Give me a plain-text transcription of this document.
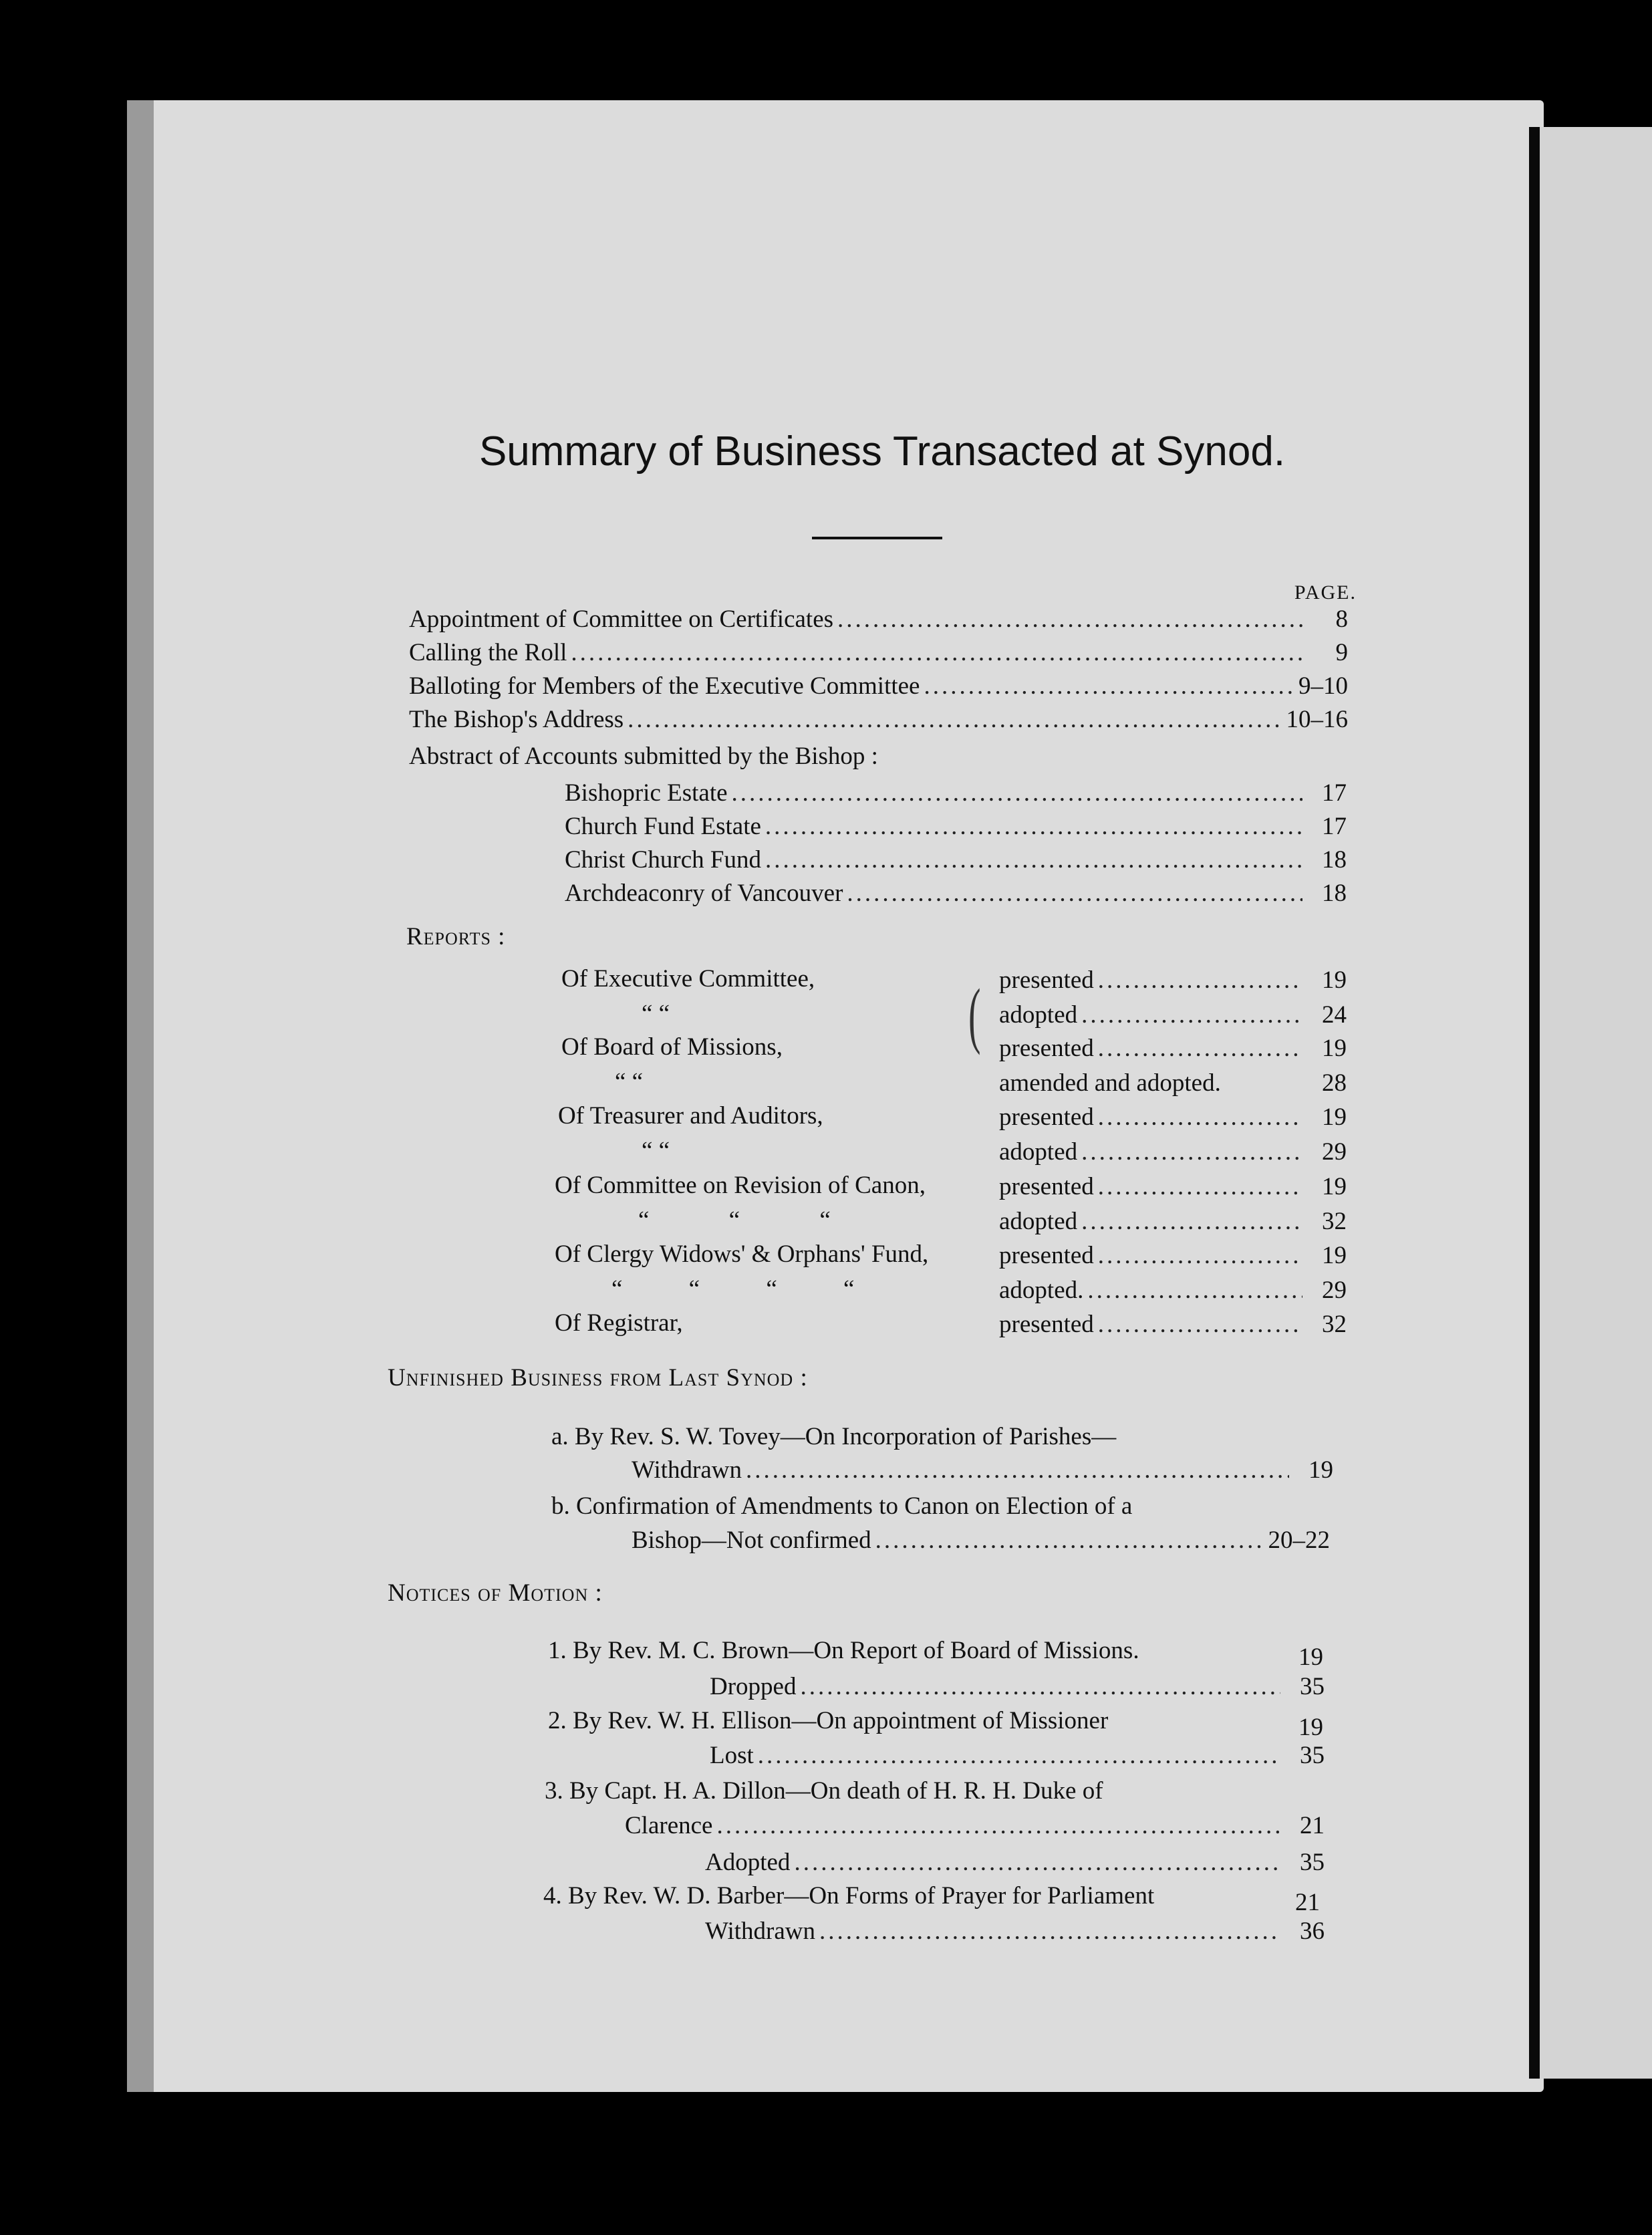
Summary of Business Transacted at Synod.
PAGE.
Appointment of Committee on Certificates .....	8
Calling the Roll .....	9
Balloting for Members of the Executive Committee .....	9–10
The Bishop's Address .....	10–16
Abstract of Accounts submitted by the Bishop :
Bishopric Estate .....	17
Church Fund Estate .....	17
Christ Church Fund .....	18
Archdeaconry of Vancouver .....	18
Reports :
(
Of Executive Committee,	presented .....	19
“ “	adopted .....	24
Of Board of Missions,	presented .....	19
“ “	amended and adopted.	28
Of Treasurer and Auditors,	presented .....	19
“ “	adopted .....	29
Of Committee on Revision of Canon,	presented .....	19
“ “ “	adopted .....	32
Of Clergy Widows' & Orphans' Fund,	presented .....	19
“ “ “ “	adopted. .....	29
Of Registrar,	presented .....	32
Unfinished Business from Last Synod :
a. By Rev. S. W. Tovey—On Incorporation of Parishes—
Withdrawn .....	19
b. Confirmation of Amendments to Canon on Election of a
Bishop—Not confirmed .....	20–22
Notices of Motion :
1. By Rev. M. C. Brown—On Report of Board of Missions.	19
Dropped .....	35
2. By Rev. W. H. Ellison—On appointment of Missioner	19
Lost .....	35
3. By Capt. H. A. Dillon—On death of H. R. H. Duke of
Clarence .....	21
Adopted .....	35
4. By Rev. W. D. Barber—On Forms of Prayer for Parliament	21
Withdrawn .....	36
